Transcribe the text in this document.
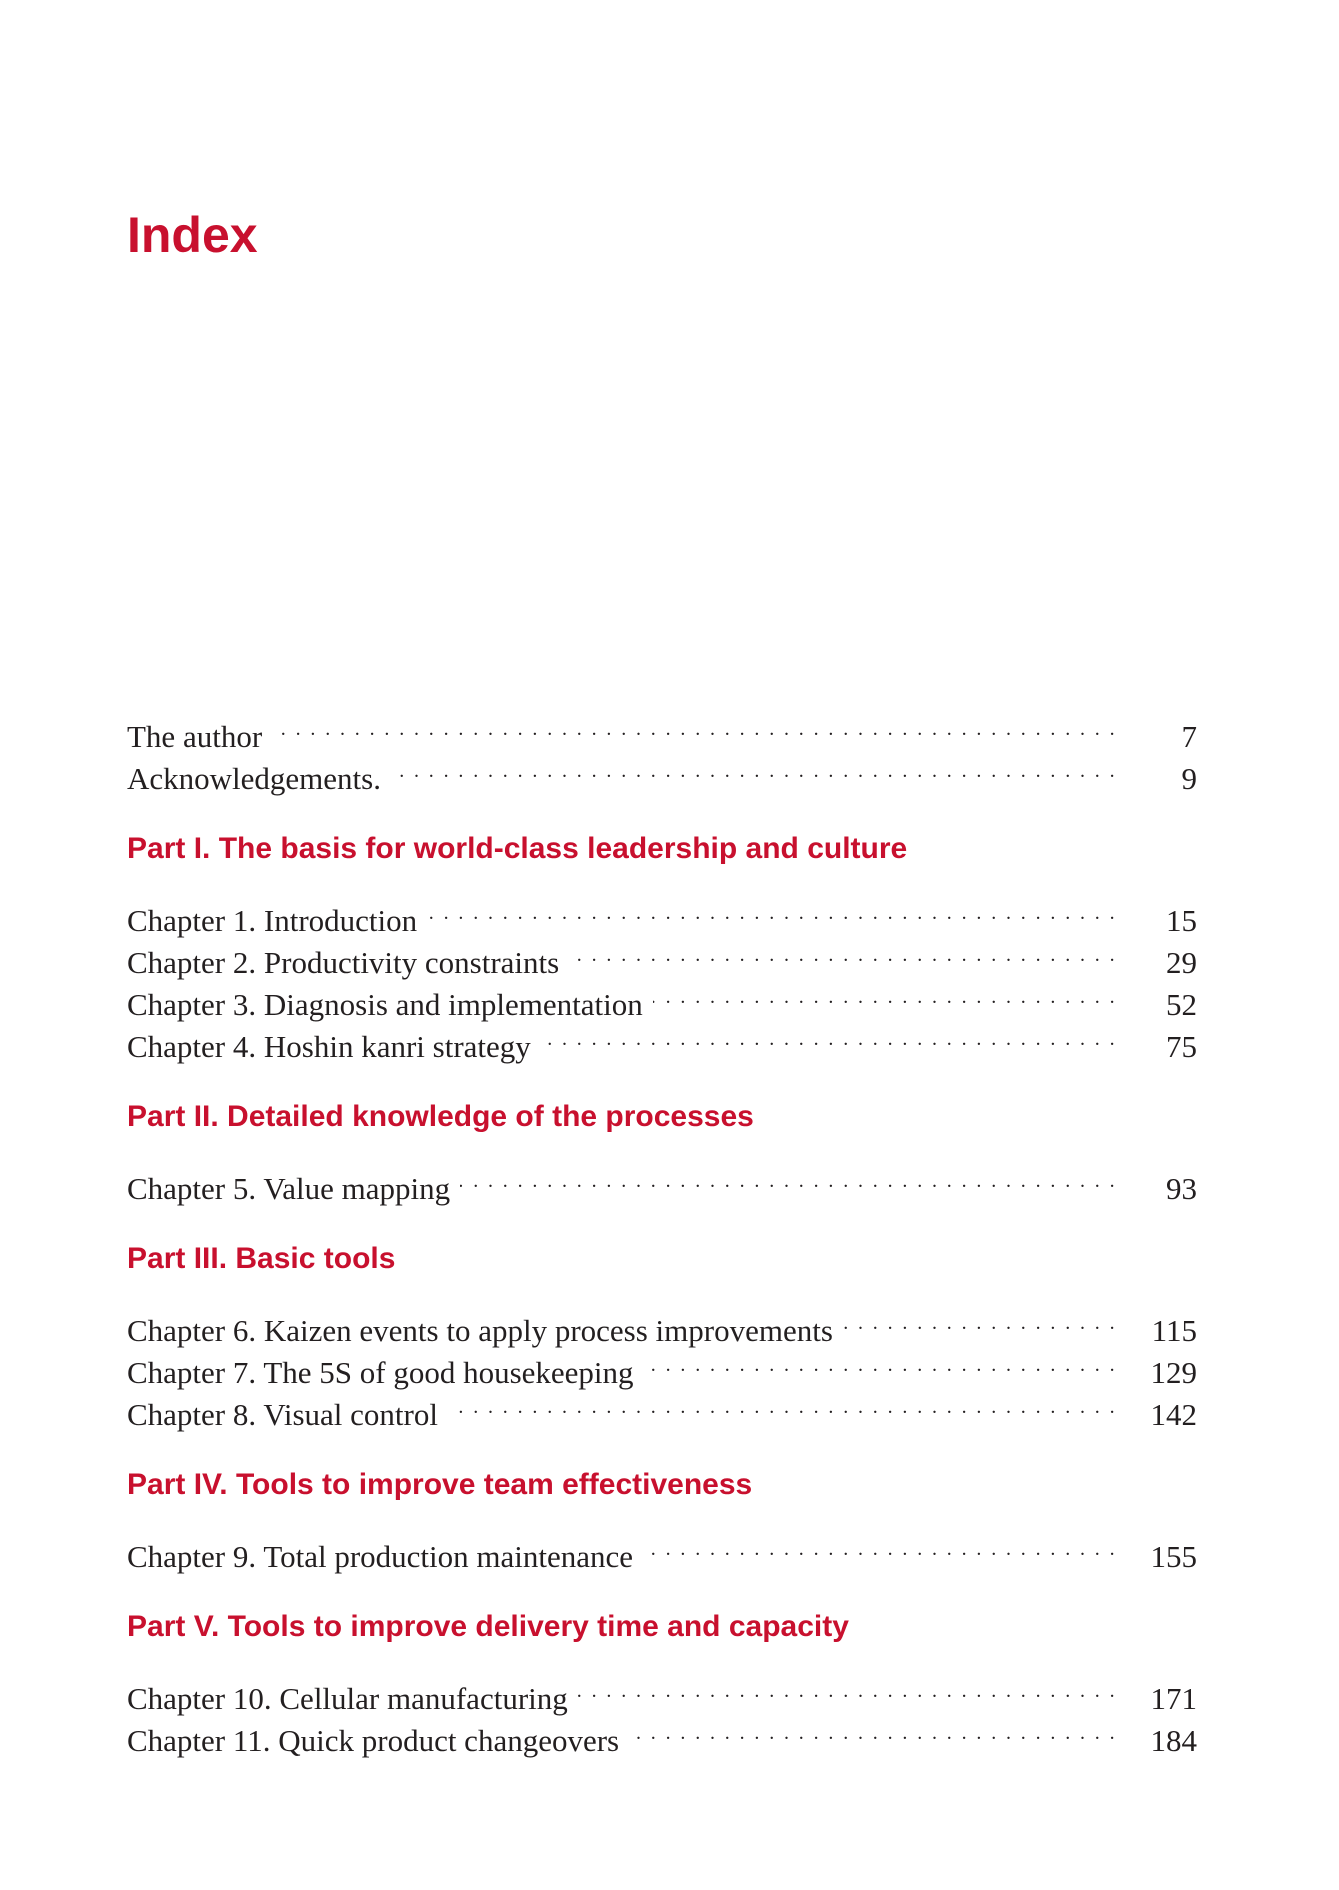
Index
The author . . .	7
Acknowledgements. . . .	9
Part I. The basis for world-class leadership and culture
Chapter 1. Introduction . . .	15
Chapter 2. Productivity constraints . . .	29
Chapter 3. Diagnosis and implementation . . .	52
Chapter 4. Hoshin kanri strategy . . .	75
Part II. Detailed knowledge of the processes
Chapter 5. Value mapping . . .	93
Part III. Basic tools
Chapter 6. Kaizen events to apply process improvements . . .	115
Chapter 7. The 5S of good housekeeping . . .	129
Chapter 8. Visual control . . .	142
Part IV. Tools to improve team effectiveness
Chapter 9. Total production maintenance . . .	155
Part V. Tools to improve delivery time and capacity
Chapter 10. Cellular manufacturing . . .	171
Chapter 11. Quick product changeovers . . .	184
